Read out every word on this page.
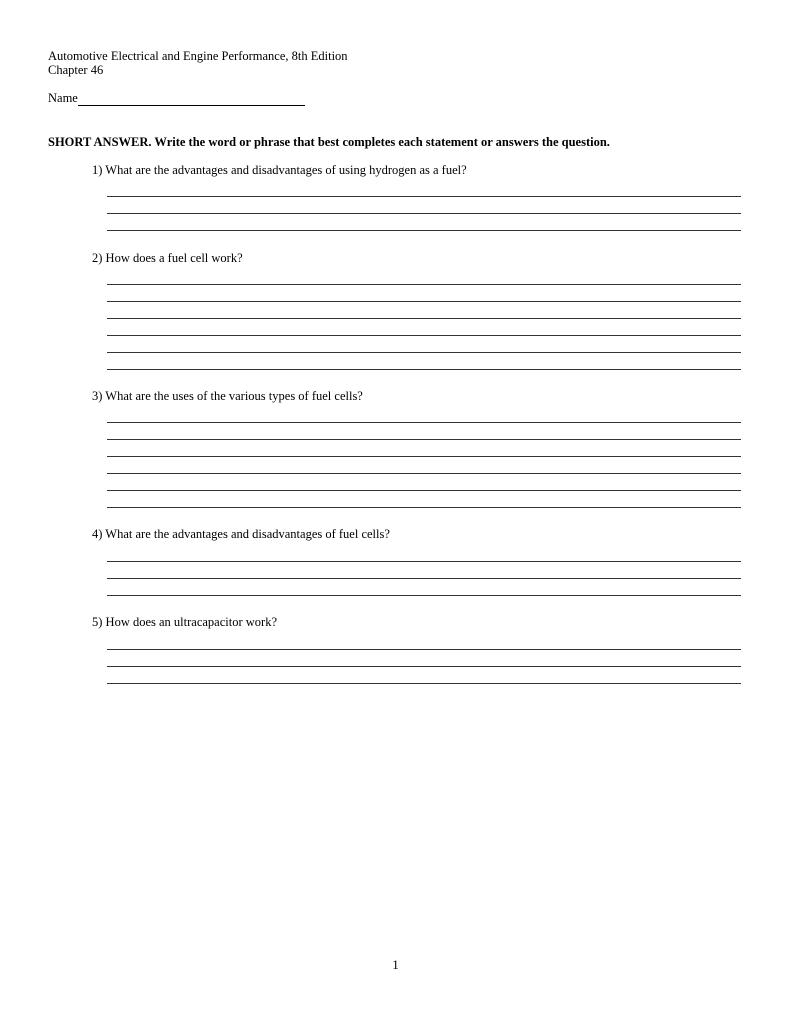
Automotive Electrical and Engine Performance, 8th Edition
Chapter 46
Name
SHORT ANSWER. Write the word or phrase that best completes each statement or answers the question.
1) What are the advantages and disadvantages of using hydrogen as a fuel?
2) How does a fuel cell work?
3) What are the uses of the various types of fuel cells?
4) What are the advantages and disadvantages of fuel cells?
5) How does an ultracapacitor work?
1
